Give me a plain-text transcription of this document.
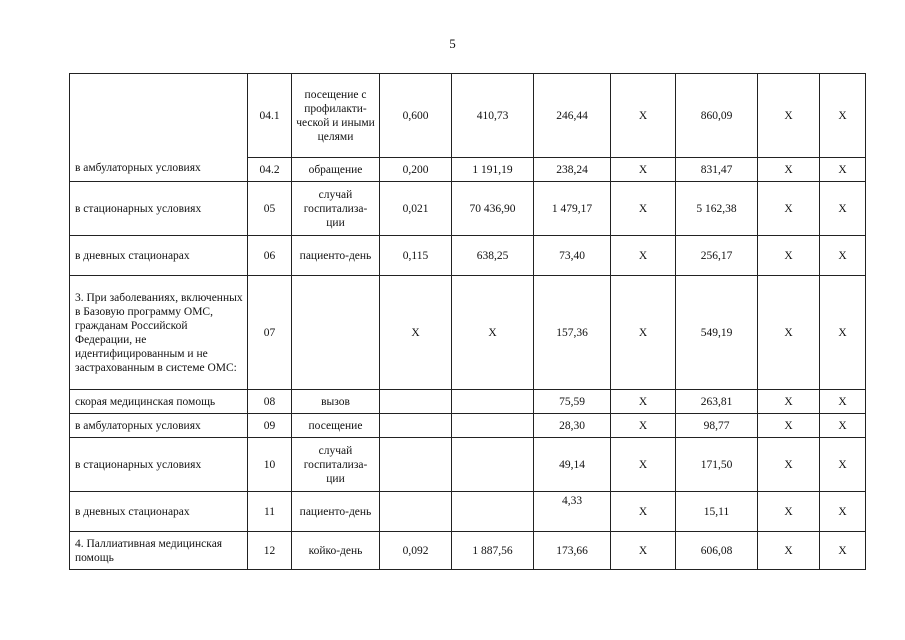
5
в амбулаторных условиях	04.1	посещение с профилакти-ческой и иными целями	0,600	410,73	246,44	Х	860,09	Х	Х
	04.2	обращение	0,200	1 191,19	238,24	Х	831,47	Х	Х
в стационарных условиях	05	случай госпитализа-ции	0,021	70 436,90	1 479,17	Х	5 162,38	Х	Х
в дневных стационарах	06	пациенто-день	0,115	638,25	73,40	Х	256,17	Х	Х
3. При заболеваниях, включенных в Базовую программу ОМС, гражданам Российской Федерации, не идентифицированным и не застрахованным в системе ОМС:	07		Х	Х	157,36	Х	549,19	Х	Х
скорая медицинская помощь	08	вызов			75,59	Х	263,81	Х	Х
в амбулаторных условиях	09	посещение			28,30	Х	98,77	Х	Х
в стационарных условиях	10	случай госпитализа-ции			49,14	Х	171,50	Х	Х
в дневных стационарах	11	пациенто-день			4,33	Х	15,11	Х	Х
4. Паллиативная медицинская помощь	12	койко-день	0,092	1 887,56	173,66	Х	606,08	Х	Х
